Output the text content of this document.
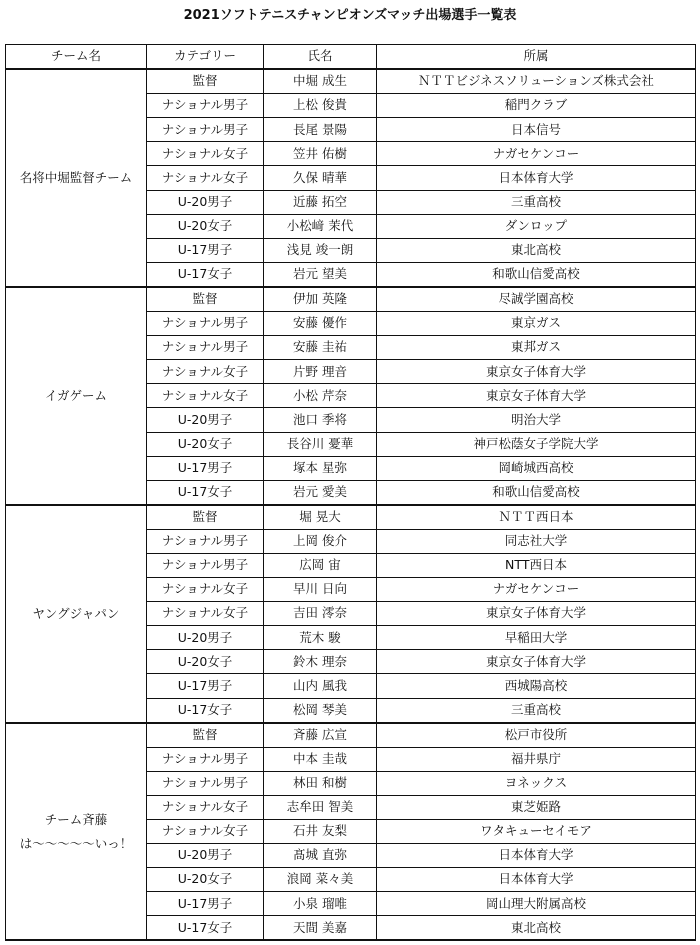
2021ソフトテニスチャンピオンズマッチ出場選手一覧表
チーム名	カテゴリー	氏名	所属

名将中堀監督チーム	監督	中堀 成生	ＮＴＴビジネスソリューションズ株式会社
	ナショナル男子	上松 俊貴	稲門クラブ
	ナショナル男子	長尾 景陽	日本信号
	ナショナル女子	笠井 佑樹	ナガセケンコー
	ナショナル女子	久保 晴華	日本体育大学
	U-20男子	近藤 拓空	三重高校
	U-20女子	小松﨑 茉代	ダンロップ
	U-17男子	浅見 竣一朗	東北高校
	U-17女子	岩元 望美	和歌山信愛高校

イガゲーム	監督	伊加 英隆	尽誠学園高校
	ナショナル男子	安藤 優作	東京ガス
	ナショナル男子	安藤 圭祐	東邦ガス
	ナショナル女子	片野 理音	東京女子体育大学
	ナショナル女子	小松 芹奈	東京女子体育大学
	U-20男子	池口 季将	明治大学
	U-20女子	長谷川 憂華	神戸松蔭女子学院大学
	U-17男子	塚本 星弥	岡崎城西高校
	U-17女子	岩元 愛美	和歌山信愛高校

ヤングジャパン	監督	堀 晃大	ＮＴＴ西日本
	ナショナル男子	上岡 俊介	同志社大学
	ナショナル男子	広岡 宙	NTT西日本
	ナショナル女子	早川 日向	ナガセケンコー
	ナショナル女子	吉田 澪奈	東京女子体育大学
	U-20男子	荒木 駿	早稲田大学
	U-20女子	鈴木 理奈	東京女子体育大学
	U-17男子	山内 風我	西城陽高校
	U-17女子	松岡 琴美	三重高校

チーム斉藤
は～～～～～いっ！	監督	斉藤 広宣	松戸市役所
	ナショナル男子	中本 圭哉	福井県庁
	ナショナル男子	林田 和樹	ヨネックス
	ナショナル女子	志牟田 智美	東芝姫路
	ナショナル女子	石井 友梨	ワタキューセイモア
	U-20男子	髙城 直弥	日本体育大学
	U-20女子	浪岡 菜々美	日本体育大学
	U-17男子	小泉 瑠唯	岡山理大附属高校
	U-17女子	天間 美嘉	東北高校
